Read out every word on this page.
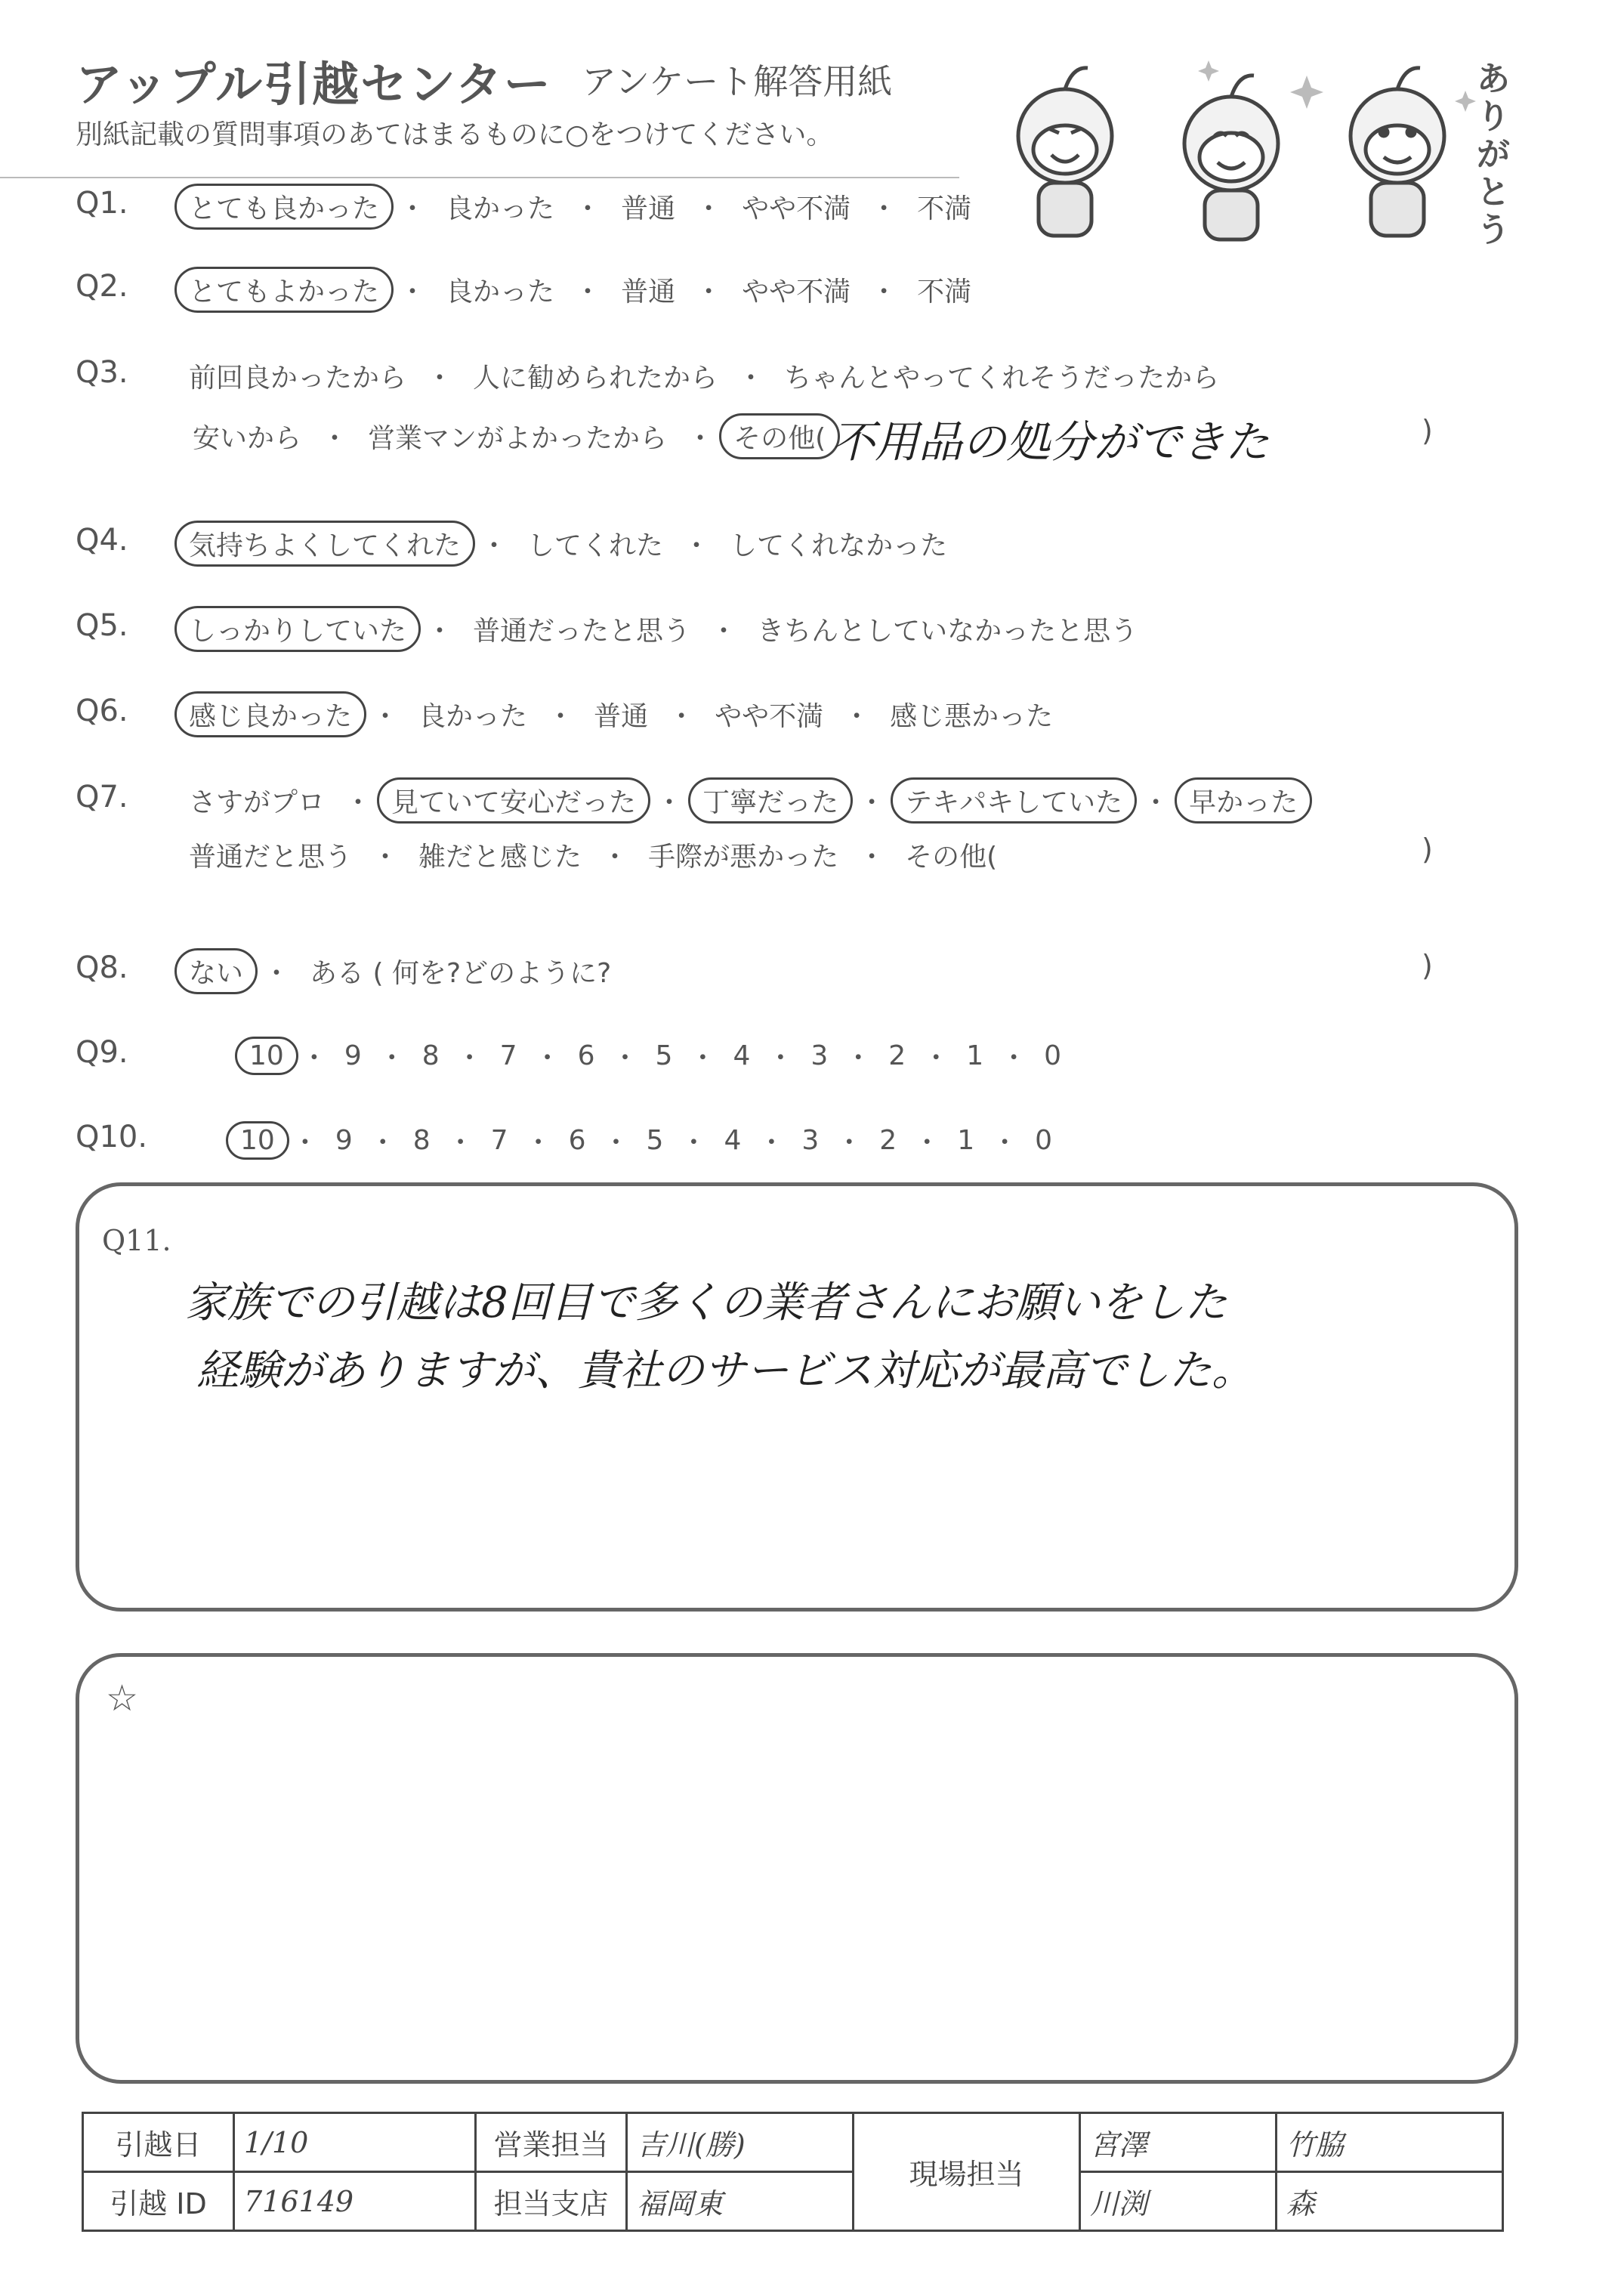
アップル引越センター アンケート解答用紙
別紙記載の質問事項のあてはまるものに○をつけてください。
ありがとう
Q1.	とても良かった ・ 良かった ・ 普通 ・ やや不満 ・ 不満
Q2.	とてもよかった ・ 良かった ・ 普通 ・ やや不満 ・ 不満
Q3. 前回良かったから ・ 人に勧められたから ・ ちゃんとやってくれそうだったから
安いから ・ 営業マンがよかったから ・ その他( 不用品の処分ができた	)
Q4.	気持ちよくしてくれた ・ してくれた ・ してくれなかった
Q5.	しっかりしていた ・ 普通だったと思う ・ きちんとしていなかったと思う
Q6.	感じ良かった ・ 良かった ・ 普通 ・ やや不満 ・ 感じ悪かった
Q7. さすがプロ ・ 見ていて安心だった ・ 丁寧だった ・ テキパキしていた ・ 早かった
普通だと思う ・ 雑だと感じた ・ 手際が悪かった ・ その他(	)
Q8.	ない ・ ある ( 何を?どのように?	)
Q9.	10 ・ 9 ・ 8 ・ 7 ・ 6 ・ 5 ・ 4 ・ 3 ・ 2 ・ 1 ・ 0
Q10.	10 ・ 9 ・ 8 ・ 7 ・ 6 ・ 5 ・ 4 ・ 3 ・ 2 ・ 1 ・ 0
Q11.
家族での引越は8回目で多くの業者さんにお願いをした
経験がありますが、貴社のサービス対応が最高でした。
☆
引越日	1/10	営業担当	吉川(勝)	現場担当	宮澤	竹脇
引越 ID	716149	担当支店	福岡東		川渕	森
